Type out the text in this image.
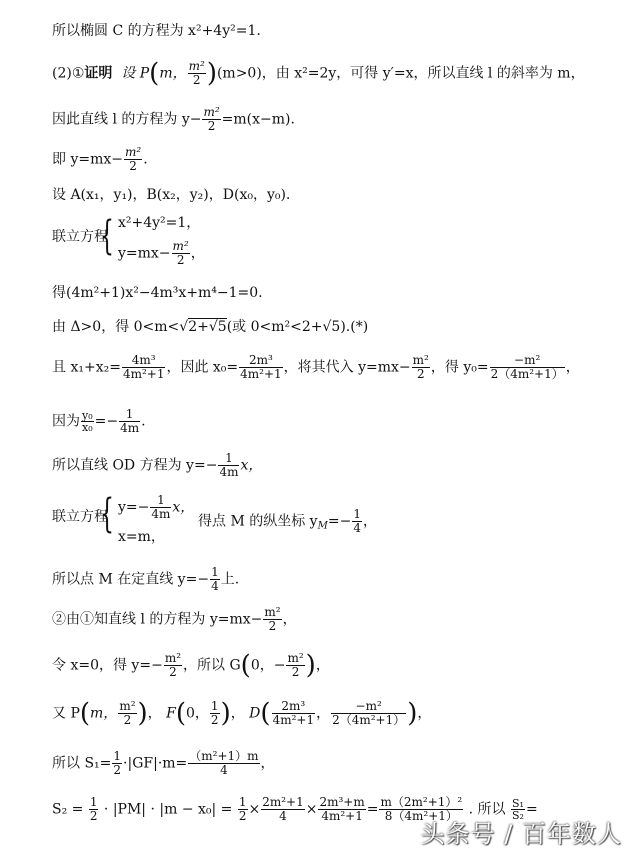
所以椭圆 C 的方程为 x²+4y²=1.
(2)①证明 设 P(m， $\frac{\text{m²}}{2} )(m>0)$，由 x²=2y，可得 y′=x，所以直线 l 的斜率为 m，
因此直线 l 的方程为 $y- \frac{\text{m²}}{2} =m(x-m)$.
即 $y=mx- \frac{\text{m²}}{2}$ .
设 A(x₁，y₁)，B(x₂，y₂)，D(x₀，y₀).
联立方程
{ x²+4y²=1，
$y=mx- \frac{\text{m²}}{2}$ ，
得(4m²+1)x²−4m³x+m⁴−1=0.
由 Δ>0，得 0<m<√2+√5(或 0<m²<2+√5).(*)
且 $x_1+x_2= \frac{\text{4m³}}{\text{4m²+1}}$ ，因此 $x_0= \frac{\text{2m³}}{\text{4m²+1}}$ ，将其代入 $y=mx- \frac{\text{m²}}{2}$ ，得 $y_0= \frac{\text{−m²}}{\text{2（4m²+1）}}$ ，
因为 $\frac{\text{y₀}}{\text{x₀}} =- \frac{1}{4m}$ .
所以直线 OD 方程为 $y=- \frac{1}{4m}$ x，
联立方程
{ $y=- \frac{1}{4m}$ x，
x=m，
得点 M 的纵坐标 $y_M=- \frac{1}{4}$ ，
所以点 M 在定直线 $y=- \frac{1}{4}$ 上.
②由①知直线 l 的方程为 $y=mx- \frac{\text{m²}}{2}$ ，
令 x=0，得 $y=- \frac{\text{m²}}{2}$ ，所以 G(0，− $\frac{\text{m²}}{2}$ )，
又 P(m， $\frac{\text{m²}}{2}$ )， F(0， $\frac{1}{2}$ )， $D( \frac{\text{2m³}}{\text{4m²+1}}$ ， $\frac{\text{−m²}}{\text{2（4m²+1）}}$ )，
所以 $S_1= \frac{1}{2} \cdot|GF|\cdot m= \frac{\text{（m²+1）m}}{4}$ ，
$S_2 = \frac{1}{2} \cdot |PM| \cdot |m - x_0| = \frac{1}{2} \times \frac{\text{2m²+1}}{4} \times \frac{\text{2m³+m}}{\text{4m²+1}} = \frac{\text{m（2m²+1）²}}{\text{8（4m²+1）}}$ . 所以 $\frac{\text{S₁}}{\text{S₂}}$ =
头条号 / 百年数人
